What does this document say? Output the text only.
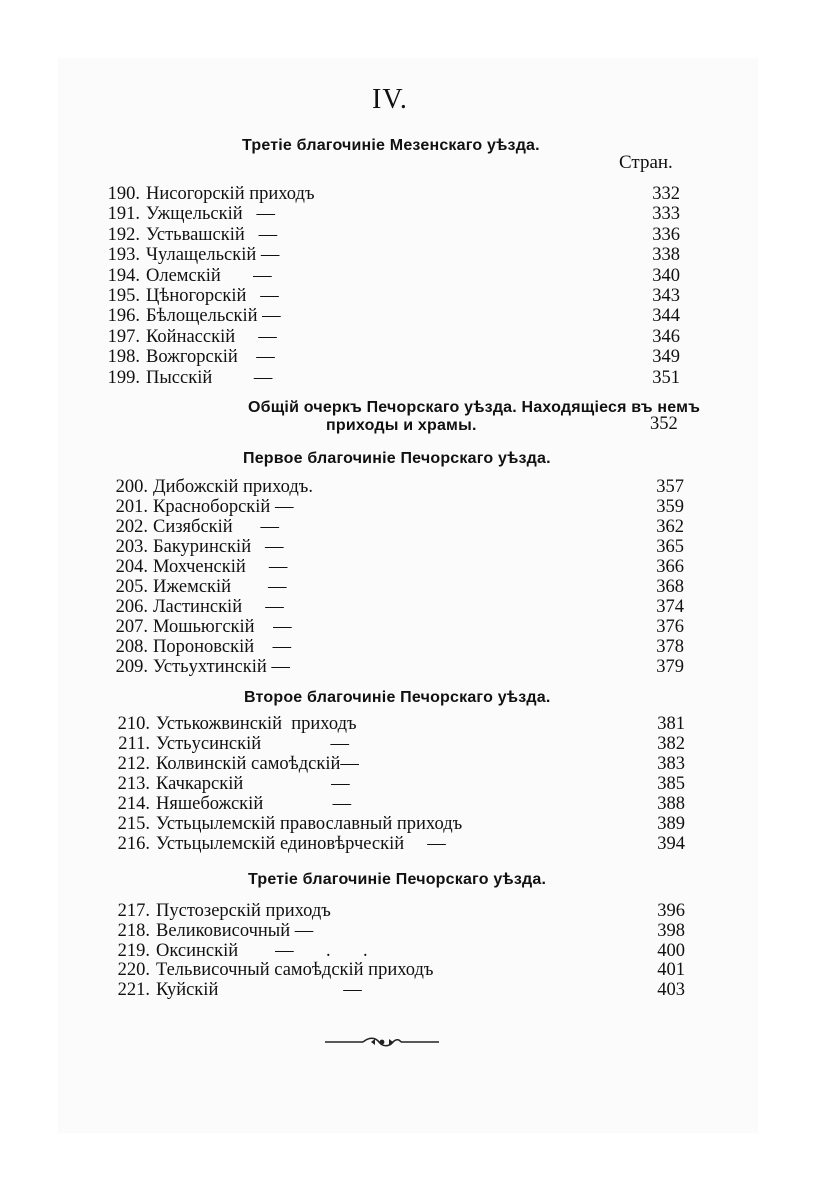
IV.
Третіе благочиніе Мезенскаго уѣзда.
Стран.
190. Нисогорскій приходъ	332
191. Ужщельскій   —	333
192. Устьвашскій   —	336
193. Чулащельскій —	338
194. Олемскій       —	340
195. Цѣногорскій   —	343
196. Бѣлощельскій —	344
197. Койнасскій     —	346
198. Вожгорскій    —	349
199. Пысскій         —	351
Общій очеркъ Печорскаго уѣзда. Находящіеся въ немъ
приходы и храмы.	352
Первое благочиніе Печорскаго уѣзда.
200. Дибожскій приходъ.	357
201. Красноборскій —	359
202. Сизябскій      —	362
203. Бакуринскій   —	365
204. Мохченскій     —	366
205. Ижемскій        —	368
206. Ластинскій     —	374
207. Мошьюгскій    —	376
208. Пороновскій    —	378
209. Устьухтинскій —	379
Второе благочиніе Печорскаго уѣзда.
210. Устькожвинскій  приходъ	381
211. Устьусинскій               —	382
212. Колвинскій самоѣдскій—	383
213. Качкарскій                   —	385
214. Няшебожскій               —	388
215. Устьцылемскій православный приходъ	389
216. Устьцылемскій единовѣрческій     —	394
Третіе благочиніе Печорскаго уѣзда.
217. Пустозерскій приходъ	396
218. Великовисочный —	398
219. Оксинскій        —       .       .	400
220. Тельвисочный самоѣдскій приходъ	401
221. Куйскій                           —	403
